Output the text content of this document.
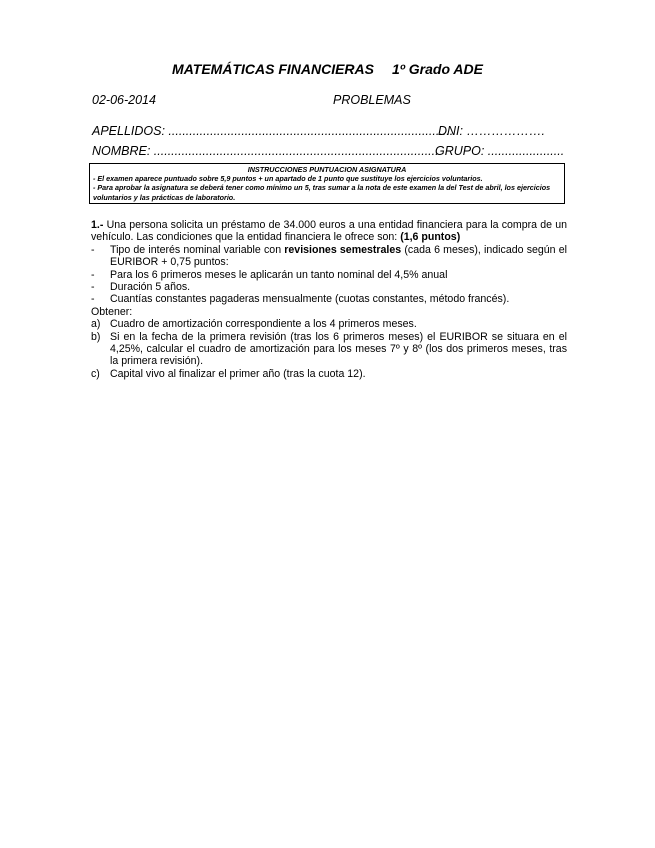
MATEMÁTICAS FINANCIERAS 1º Grado ADE
02-06-2014	PROBLEMAS
APELLIDOS: ..................................................................................
DNI: ……………….
NOMBRE: ..................................................................................
GRUPO: ......................
INSTRUCCIONES PUNTUACION ASIGNATURA
- El examen aparece puntuado sobre 5,9 puntos + un apartado de 1 punto que sustituye los ejercicios voluntarios.
- Para aprobar la asignatura se deberá tener como mínimo un 5, tras sumar a la nota de este examen la del Test de abril, los ejercicios voluntarios y las prácticas de laboratorio.

1.- Una persona solicita un préstamo de 34.000 euros a una entidad financiera para la compra de un vehículo. Las condiciones que la entidad financiera le ofrece son: (1,6 puntos)

- Tipo de interés nominal variable con revisiones semestrales (cada 6 meses), indicado según el EURIBOR + 0,75 puntos:
- Para los 6 primeros meses le aplicarán un tanto nominal del 4,5% anual
- Duración 5 años.
- Cuantías constantes pagaderas mensualmente (cuotas constantes, método francés).

Obtener:

a) Cuadro de amortización correspondiente a los 4 primeros meses.
b) Si en la fecha de la primera revisión (tras los 6 primeros meses) el EURIBOR se situara en el 4,25%, calcular el cuadro de amortización para los meses 7º y 8º (los dos primeros meses, tras la primera revisión).
c) Capital vivo al finalizar el primer año (tras la cuota 12).
